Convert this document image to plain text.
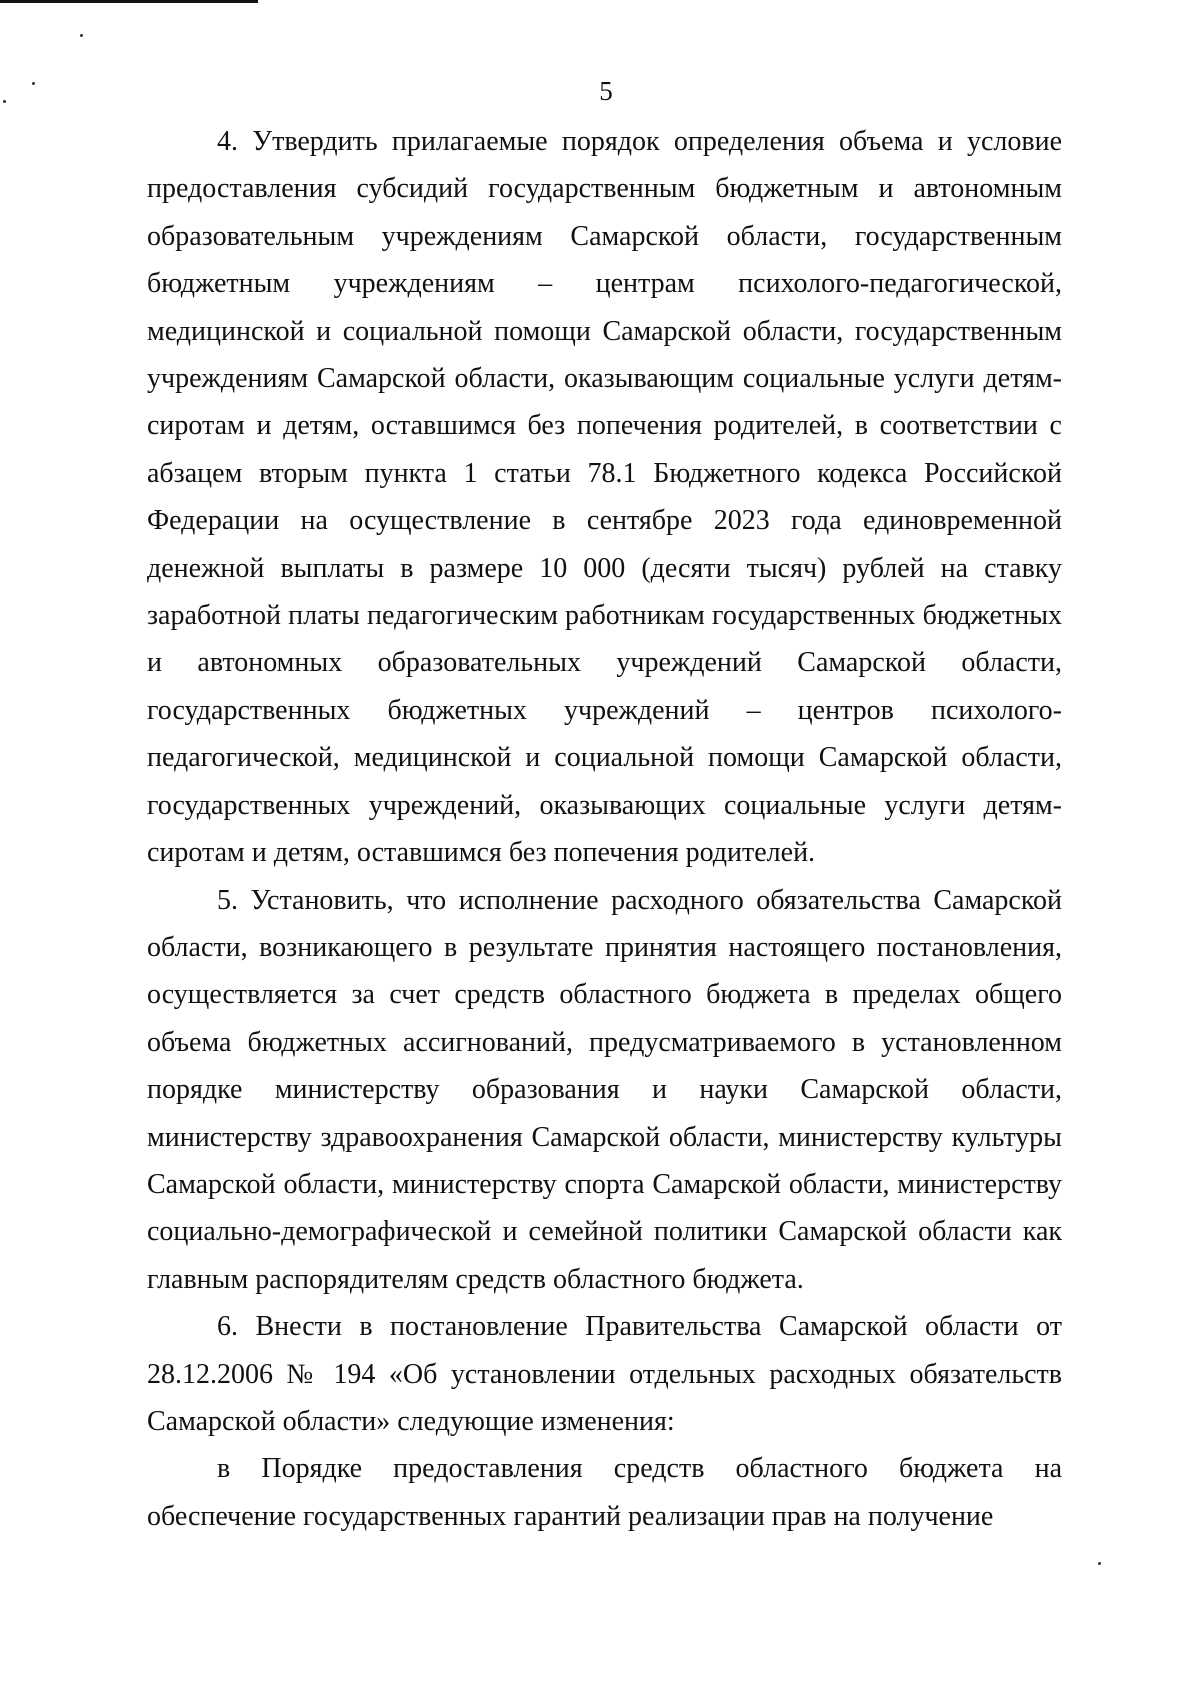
5

4. Утвердить прилагаемые порядок определения объема и условие предоставления субсидий государственным бюджетным и автономным образовательным учреждениям Самарской области, государственным бюджетным учреждениям – центрам психолого-педагогической, медицинской и социальной помощи Самарской области, государственным учреждениям Самарской области, оказывающим социальные услуги детям-сиротам и детям, оставшимся без попечения родителей, в соответствии с абзацем вторым пункта 1 статьи 78.1 Бюджетного кодекса Российской Федерации на осуществление в сентябре 2023 года единовременной денежной выплаты в размере 10 000 (десяти тысяч) рублей на ставку заработной платы педагогическим работникам государственных бюджетных и автономных образовательных учреждений Самарской области, государственных бюджетных учреждений – центров психолого-педагогической, медицинской и социальной помощи Самарской области, государственных учреждений, оказывающих социальные услуги детям-сиротам и детям, оставшимся без попечения родителей.

5. Установить, что исполнение расходного обязательства Самарской области, возникающего в результате принятия настоящего постановления, осуществляется за счет средств областного бюджета в пределах общего объема бюджетных ассигнований, предусматриваемого в установленном порядке министерству образования и науки Самарской области, министерству здравоохранения Самарской области, министерству культуры Самарской области, министерству спорта Самарской области, министерству социально-демографической и семейной политики Самарской области как главным распорядителям средств областного бюджета.

6. Внести в постановление Правительства Самарской области от 28.12.2006 № 194 «Об установлении отдельных расходных обязательств Самарской области» следующие изменения:

в Порядке предоставления средств областного бюджета на обеспечение государственных гарантий реализации прав на получение
